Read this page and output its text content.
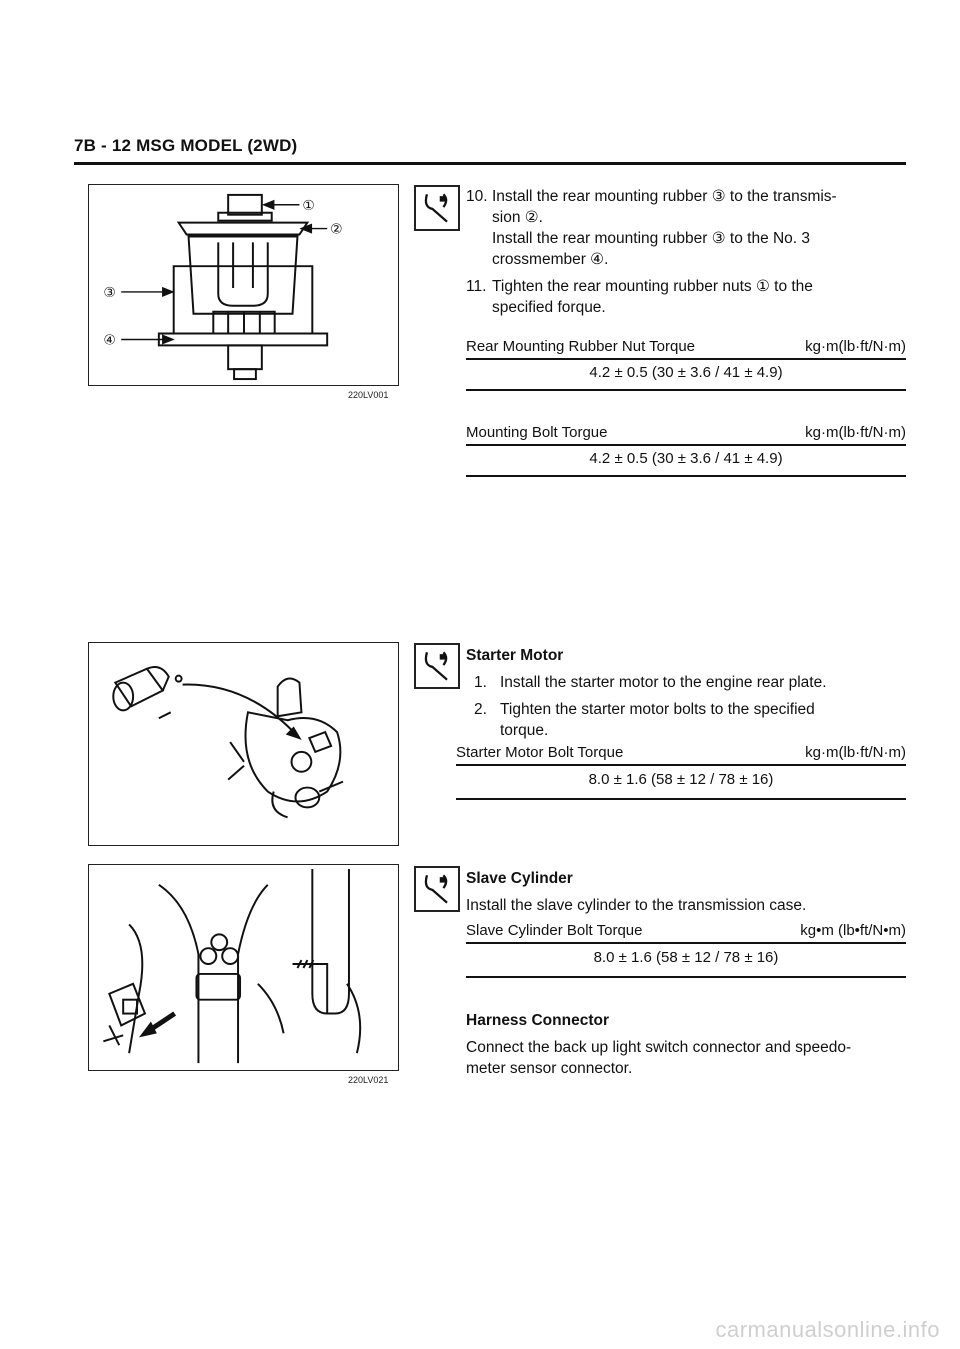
7B - 12 MSG MODEL (2WD)
①
②
③
④
220LV001
10. Install the rear mounting rubber ③ to the transmis-
sion ②.
Install the rear mounting rubber ③ to the No. 3
crossmember ④.
11. Tighten the rear mounting rubber nuts ① to the
specified forque.
Rear Mounting Rubber Nut Torque	kg·m(lb·ft/N·m)
4.2 ± 0.5 (30 ± 3.6 / 41 ± 4.9)
Mounting Bolt Torgue	kg·m(lb·ft/N·m)
4.2 ± 0.5 (30 ± 3.6 / 41 ± 4.9)
Starter Motor
1. Install the starter motor to the engine rear plate.
2. Tighten the starter motor bolts to the specified
torque.
Starter Motor Bolt Torque	kg·m(lb·ft/N·m)
8.0 ± 1.6 (58 ± 12 / 78 ± 16)
220LV021
Slave Cylinder
Install the slave cylinder to the transmission case.
Slave Cylinder Bolt Torque	kg•m (lb•ft/N•m)
8.0 ± 1.6 (58 ± 12 / 78 ± 16)
Harness Connector
Connect the back up light switch connector and speedo-
meter sensor connector.
carmanualsonline.info
